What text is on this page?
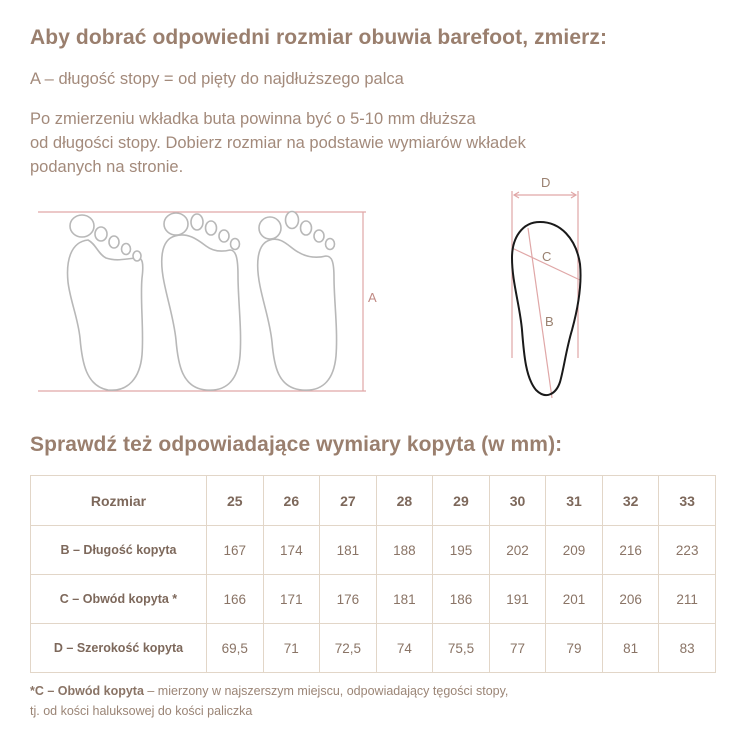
Aby dobrać odpowiedni rozmiar obuwia barefoot, zmierz:
A – długość stopy = od pięty do najdłuższego palca
Po zmierzeniu wkładka buta powinna być o 5-10 mm dłuższa
od długości stopy. Dobierz rozmiar na podstawie wymiarów wkładek
podanych na stronie.
A
D
C
B
Sprawdź też odpowiadające wymiary kopyta (w mm):
Rozmiar	25	26	27	28	29	30	31	32	33
B – Długość kopyta	167	174	181	188	195	202	209	216	223
C – Obwód kopyta *	166	171	176	181	186	191	201	206	211
D – Szerokość kopyta	69,5	71	72,5	74	75,5	77	79	81	83
*C – Obwód kopyta – mierzony w najszerszym miejscu, odpowiadający tęgości stopy,
tj. od kości haluksowej do kości paliczka
